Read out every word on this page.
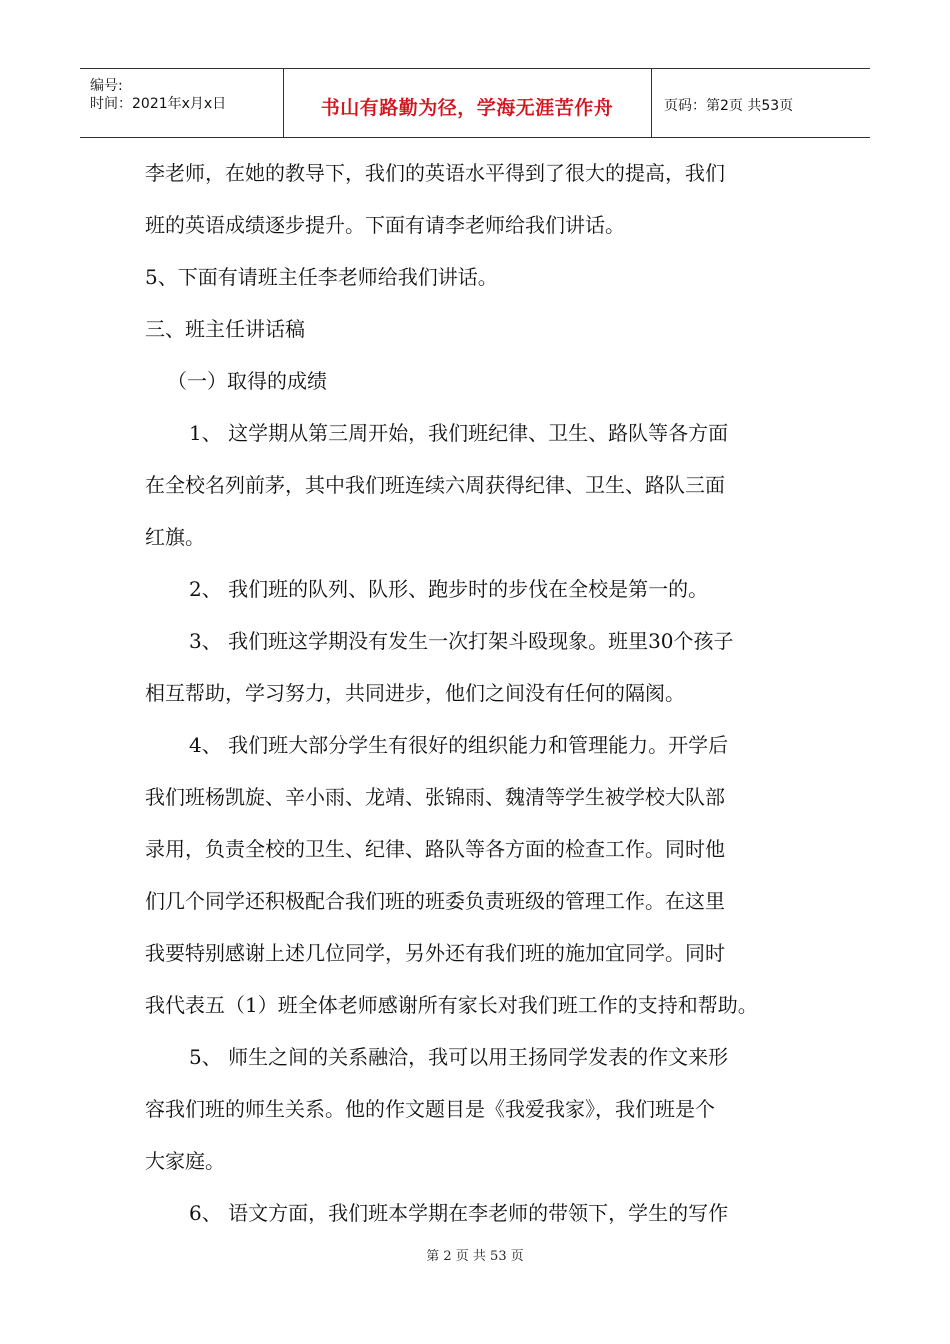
编号:
时间：2021年x月x日	书山有路勤为径，学海无涯苦作舟	页码：第2页 共53页
李老师，在她的教导下，我们的英语水平得到了很大的提高，我们
班的英语成绩逐步提升。下面有请李老师给我们讲话。
5、下面有请班主任李老师给我们讲话。
三、班主任讲话稿
（一）取得的成绩
1、 这学期从第三周开始，我们班纪律、卫生、路队等各方面
在全校名列前茅，其中我们班连续六周获得纪律、卫生、路队三面
红旗。
2、 我们班的队列、队形、跑步时的步伐在全校是第一的。
3、 我们班这学期没有发生一次打架斗殴现象。班里30个孩子
相互帮助，学习努力，共同进步，他们之间没有任何的隔阂。
4、 我们班大部分学生有很好的组织能力和管理能力。开学后
我们班杨凯旋、辛小雨、龙靖、张锦雨、魏清等学生被学校大队部
录用，负责全校的卫生、纪律、路队等各方面的检查工作。同时他
们几个同学还积极配合我们班的班委负责班级的管理工作。在这里
我要特别感谢上述几位同学，另外还有我们班的施加宜同学。同时
我代表五（1）班全体老师感谢所有家长对我们班工作的支持和帮助。
5、 师生之间的关系融洽，我可以用王扬同学发表的作文来形
容我们班的师生关系。他的作文题目是《我爱我家》，我们班是个
大家庭。
6、 语文方面，我们班本学期在李老师的带领下，学生的写作
第 2 页 共 53 页
